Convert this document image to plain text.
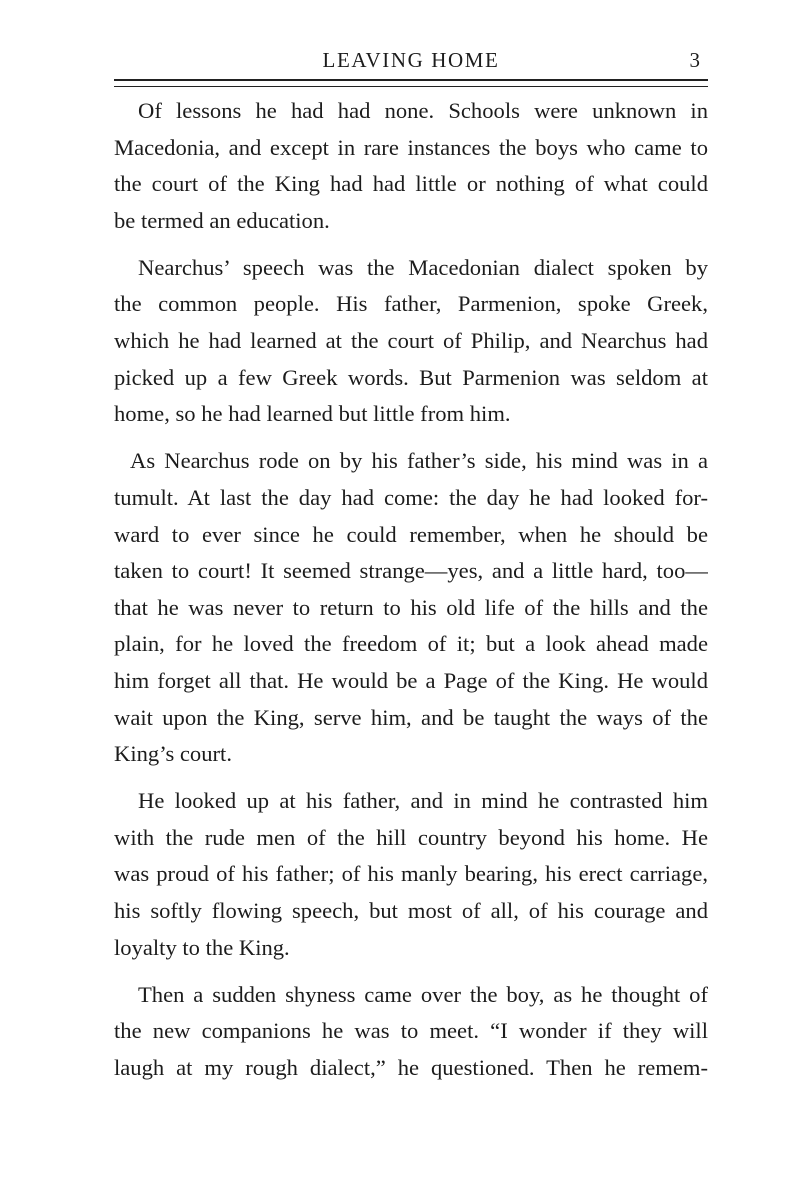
LEAVING HOME	3
Of lessons he had had none. Schools were unknown in
Macedonia, and except in rare instances the boys who came to
the court of the King had had little or nothing of what could
be termed an education.
Nearchus’ speech was the Macedonian dialect spoken by
the common people. His father, Parmenion, spoke Greek,
which he had learned at the court of Philip, and Nearchus had
picked up a few Greek words. But Parmenion was seldom at
home, so he had learned but little from him.
As Nearchus rode on by his father’s side, his mind was in a
tumult. At last the day had come: the day he had looked for-
ward to ever since he could remember, when he should be
taken to court! It seemed strange—yes, and a little hard, too—
that he was never to return to his old life of the hills and the
plain, for he loved the freedom of it; but a look ahead made
him forget all that. He would be a Page of the King. He would
wait upon the King, serve him, and be taught the ways of the
King’s court.
He looked up at his father, and in mind he contrasted him
with the rude men of the hill country beyond his home. He
was proud of his father; of his manly bearing, his erect carriage,
his softly flowing speech, but most of all, of his courage and
loyalty to the King.
Then a sudden shyness came over the boy, as he thought of
the new companions he was to meet. “I wonder if they will
laugh at my rough dialect,” he questioned. Then he remem-
